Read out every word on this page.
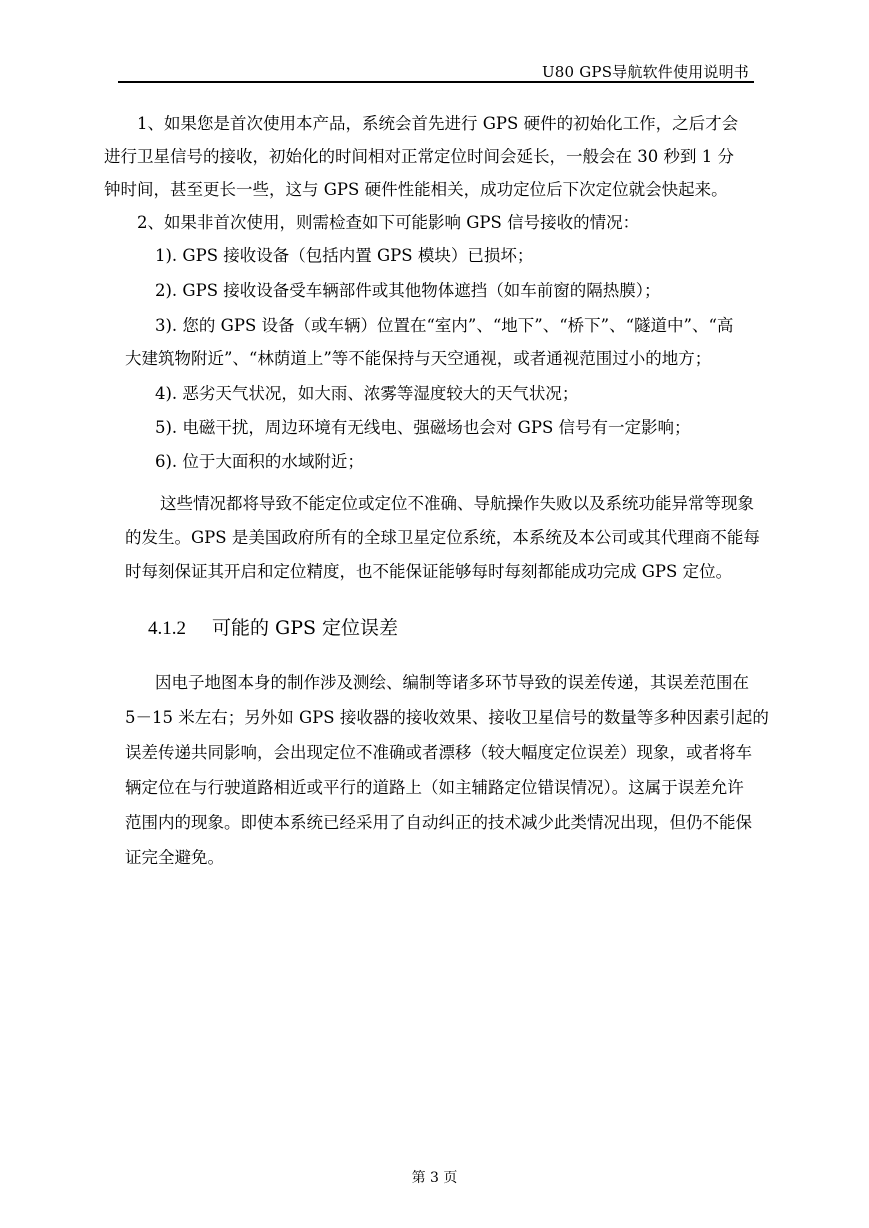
U80 GPS导航软件使用说明书
1、如果您是首次使用本产品，系统会首先进行 GPS 硬件的初始化工作，之后才会
进行卫星信号的接收，初始化的时间相对正常定位时间会延长，一般会在 30 秒到 1 分
钟时间，甚至更长一些，这与 GPS 硬件性能相关，成功定位后下次定位就会快起来。
2、如果非首次使用，则需检查如下可能影响 GPS 信号接收的情况：
1). GPS 接收设备（包括内置 GPS 模块）已损坏；
2). GPS 接收设备受车辆部件或其他物体遮挡（如车前窗的隔热膜）；
3). 您的 GPS 设备（或车辆）位置在“室内”、“地下”、“桥下”、“隧道中”、“高
大建筑物附近”、“林荫道上”等不能保持与天空通视，或者通视范围过小的地方；
4). 恶劣天气状况，如大雨、浓雾等湿度较大的天气状况；
5). 电磁干扰，周边环境有无线电、强磁场也会对 GPS 信号有一定影响；
6). 位于大面积的水域附近；
这些情况都将导致不能定位或定位不准确、导航操作失败以及系统功能异常等现象
的发生。GPS 是美国政府所有的全球卫星定位系统，本系统及本公司或其代理商不能每
时每刻保证其开启和定位精度，也不能保证能够每时每刻都能成功完成 GPS 定位。
4.1.2 可能的 GPS 定位误差
因电子地图本身的制作涉及测绘、编制等诸多环节导致的误差传递，其误差范围在
5－15 米左右；另外如 GPS 接收器的接收效果、接收卫星信号的数量等多种因素引起的
误差传递共同影响，会出现定位不准确或者漂移（较大幅度定位误差）现象，或者将车
辆定位在与行驶道路相近或平行的道路上（如主辅路定位错误情况）。这属于误差允许
范围内的现象。即使本系统已经采用了自动纠正的技术减少此类情况出现，但仍不能保
证完全避免。
第 3 页
